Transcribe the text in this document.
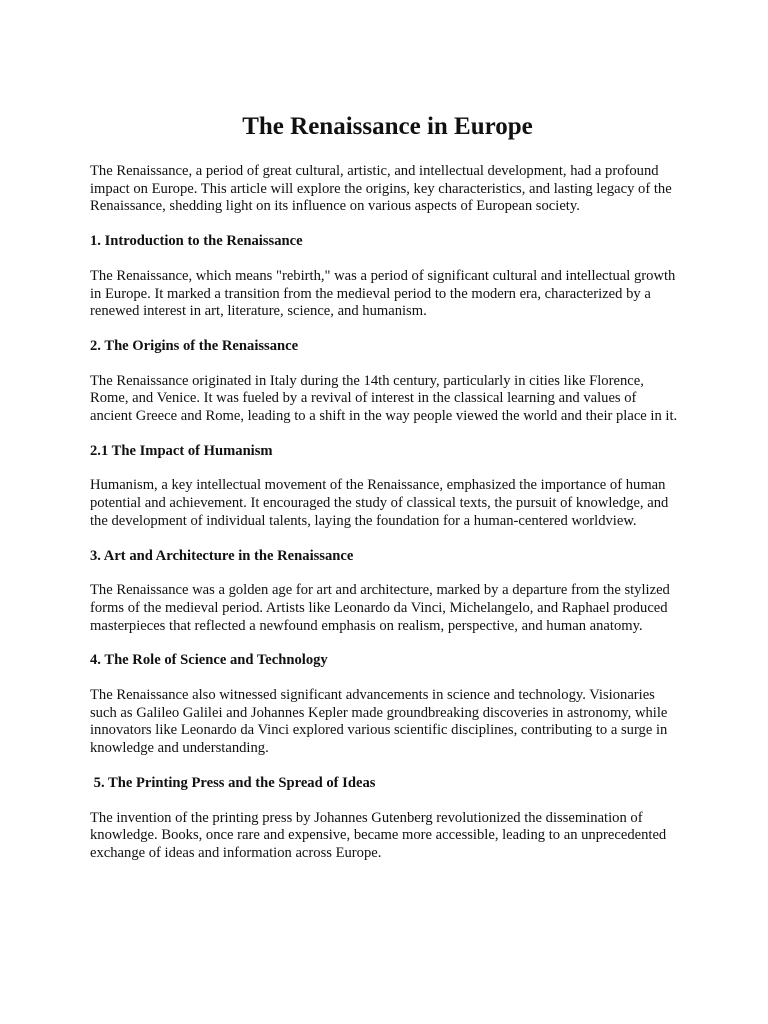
The Renaissance in Europe

The Renaissance, a period of great cultural, artistic, and intellectual development, had a profound impact on Europe. This article will explore the origins, key characteristics, and lasting legacy of the Renaissance, shedding light on its influence on various aspects of European society.

1. Introduction to the Renaissance

The Renaissance, which means "rebirth," was a period of significant cultural and intellectual growth in Europe. It marked a transition from the medieval period to the modern era, characterized by a renewed interest in art, literature, science, and humanism.

2. The Origins of the Renaissance

The Renaissance originated in Italy during the 14th century, particularly in cities like Florence, Rome, and Venice. It was fueled by a revival of interest in the classical learning and values of ancient Greece and Rome, leading to a shift in the way people viewed the world and their place in it.

2.1 The Impact of Humanism

Humanism, a key intellectual movement of the Renaissance, emphasized the importance of human potential and achievement. It encouraged the study of classical texts, the pursuit of knowledge, and the development of individual talents, laying the foundation for a human-centered worldview.

3. Art and Architecture in the Renaissance

The Renaissance was a golden age for art and architecture, marked by a departure from the stylized forms of the medieval period. Artists like Leonardo da Vinci, Michelangelo, and Raphael produced masterpieces that reflected a newfound emphasis on realism, perspective, and human anatomy.

4. The Role of Science and Technology

The Renaissance also witnessed significant advancements in science and technology. Visionaries such as Galileo Galilei and Johannes Kepler made groundbreaking discoveries in astronomy, while innovators like Leonardo da Vinci explored various scientific disciplines, contributing to a surge in knowledge and understanding.

5. The Printing Press and the Spread of Ideas

The invention of the printing press by Johannes Gutenberg revolutionized the dissemination of knowledge. Books, once rare and expensive, became more accessible, leading to an unprecedented exchange of ideas and information across Europe.
